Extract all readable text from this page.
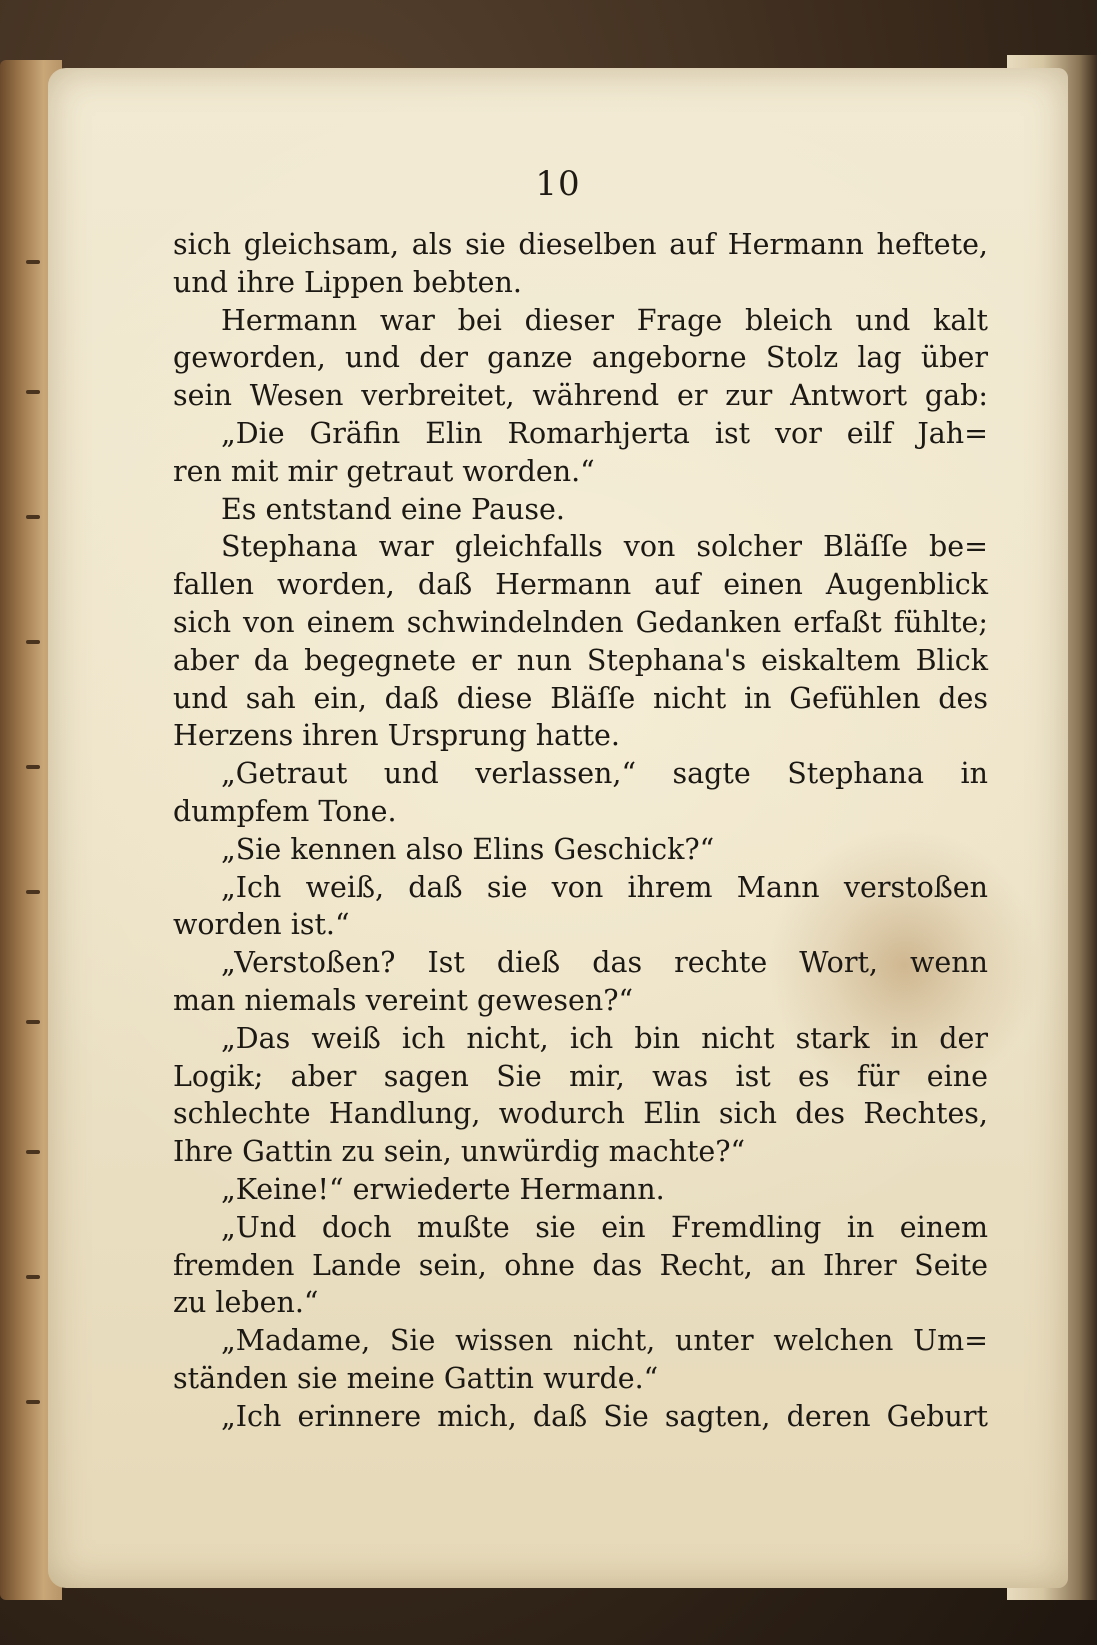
10
sich gleichsam, als sie dieselben auf Hermann heftete,
und ihre Lippen bebten.
Hermann war bei dieser Frage bleich und kalt
geworden, und der ganze angeborne Stolz lag über
sein Wesen verbreitet, während er zur Antwort gab:
„Die Gräfin Elin Romarhjerta ist vor eilf Jah=
ren mit mir getraut worden.“
Es entstand eine Pause.
Stephana war gleichfalls von solcher Bläſſe be=
fallen worden, daß Hermann auf einen Augenblick
sich von einem schwindelnden Gedanken erfaßt fühlte;
aber da begegnete er nun Stephana's eiskaltem Blick
und sah ein, daß diese Bläſſe nicht in Gefühlen des
Herzens ihren Ursprung hatte.
„Getraut und verlassen,“ sagte Stephana in
dumpfem Tone.
„Sie kennen also Elins Geschick?“
„Ich weiß, daß sie von ihrem Mann verstoßen
worden ist.“
„Verstoßen? Ist dieß das rechte Wort, wenn
man niemals vereint gewesen?“
„Das weiß ich nicht, ich bin nicht stark in der
Logik; aber sagen Sie mir, was ist es für eine
schlechte Handlung, wodurch Elin sich des Rechtes,
Ihre Gattin zu sein, unwürdig machte?“
„Keine!“ erwiederte Hermann.
„Und doch mußte sie ein Fremdling in einem
fremden Lande sein, ohne das Recht, an Ihrer Seite
zu leben.“
„Madame, Sie wissen nicht, unter welchen Um=
ständen sie meine Gattin wurde.“
„Ich erinnere mich, daß Sie sagten, deren Geburt
